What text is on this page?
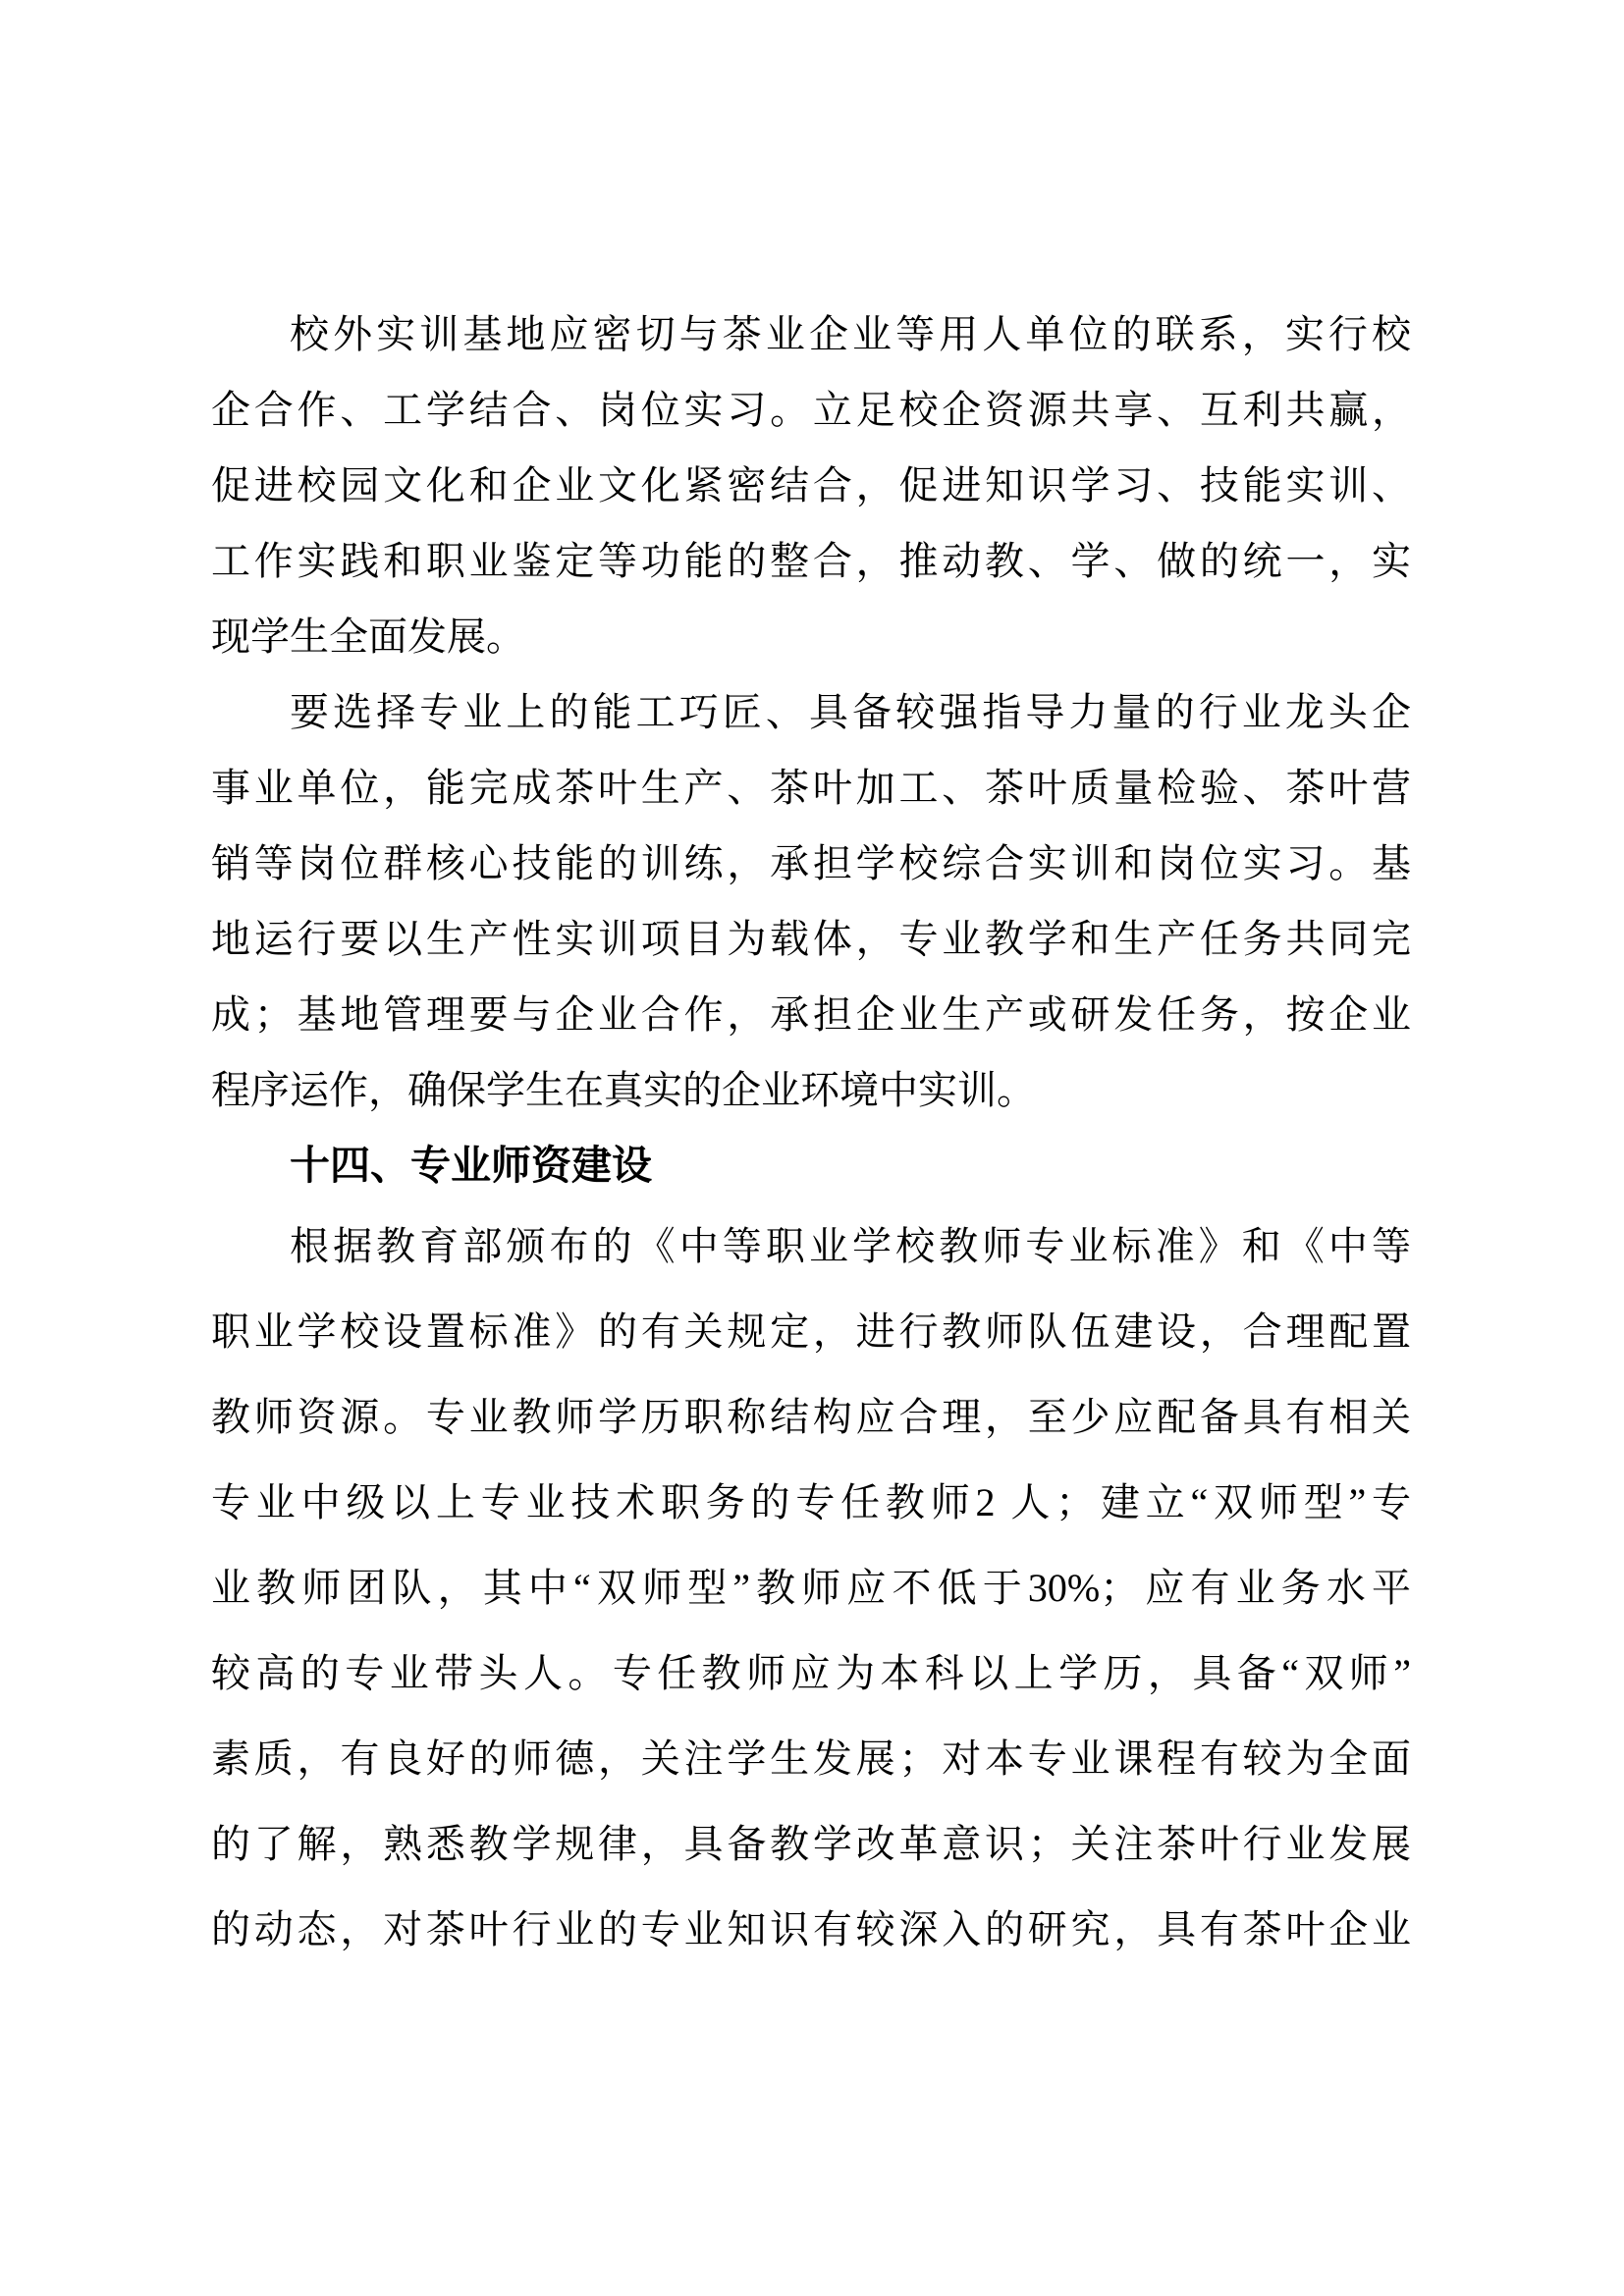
校外实训基地应密切与茶业企业等用人单位的联系，实行校
企合作、工学结合、岗位实习。立足校企资源共享、互利共赢，
促进校园文化和企业文化紧密结合，促进知识学习、技能实训、
工作实践和职业鉴定等功能的整合，推动教、学、做的统一，实
现学生全面发展。
要选择专业上的能工巧匠、具备较强指导力量的行业龙头企
事业单位，能完成茶叶生产、茶叶加工、茶叶质量检验、茶叶营
销等岗位群核心技能的训练，承担学校综合实训和岗位实习。基
地运行要以生产性实训项目为载体，专业教学和生产任务共同完
成；基地管理要与企业合作，承担企业生产或研发任务，按企业
程序运作，确保学生在真实的企业环境中实训。
十四、专业师资建设
根据教育部颁布的《中等职业学校教师专业标准》和《中等
职业学校设置标准》的有关规定，进行教师队伍建设，合理配置
教师资源。专业教师学历职称结构应合理，至少应配备具有相关
专业中级以上专业技术职务的专任教师2 人；建立“双师型”专
业教师团队，其中“双师型”教师应不低于30%；应有业务水平
较高的专业带头人。专任教师应为本科以上学历，具备“双师”
素质，有良好的师德，关注学生发展；对本专业课程有较为全面
的了解，熟悉教学规律，具备教学改革意识；关注茶叶行业发展
的动态，对茶叶行业的专业知识有较深入的研究，具有茶叶企业
